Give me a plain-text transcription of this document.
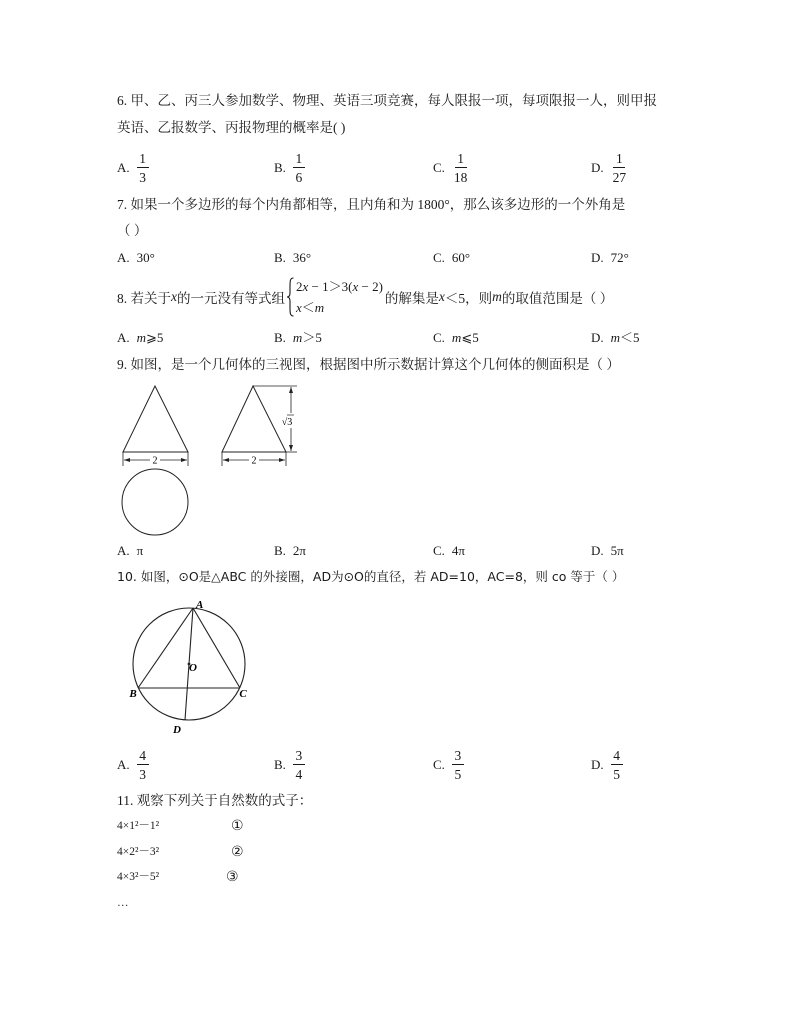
6. 甲、乙、丙三人参加数学、物理、英语三项竞赛，每人限报一项，每项限报一人，则甲报
英语、乙报数学、丙报物理的概率是( )
A. $\frac{1}{3}$	B. $\frac{1}{6}$	C. $\frac{1}{18}$	D. $\frac{1}{27}$
7. 如果一个多边形的每个内角都相等，且内角和为 1800°，那么该多边形的一个外角是
（ ）
A. 30°	B. 36°	C. 60°	D. 72°
8. 若关于 x 的一元没有等式组
2x − 1＞3(x − 2)
x＜m
的解集是 x ＜5，则 m 的取值范围是（ ）
A. m ⩾5	B. m ＞5	C. m ⩽5	D. m ＜5
9. 如图，是一个几何体的三视图，根据图中所示数据计算这个几何体的侧面积是（ ）
2
√3
2
A. π	B. 2π	C. 4π	D. 5π
10. 如图，⊙O是△ABC 的外接圈，AD为⊙O的直径，若 AD=10，AC=8，则 co 等于（ ）
A
B	C
D
O
A. $\frac{4}{3}$	B. $\frac{3}{4}$	C. $\frac{3}{5}$	D. $\frac{4}{5}$
11. 观察下列关于自然数的式子：
4×1²－1²	①
4×2²－3²	②
4×3²－5²	③
…
